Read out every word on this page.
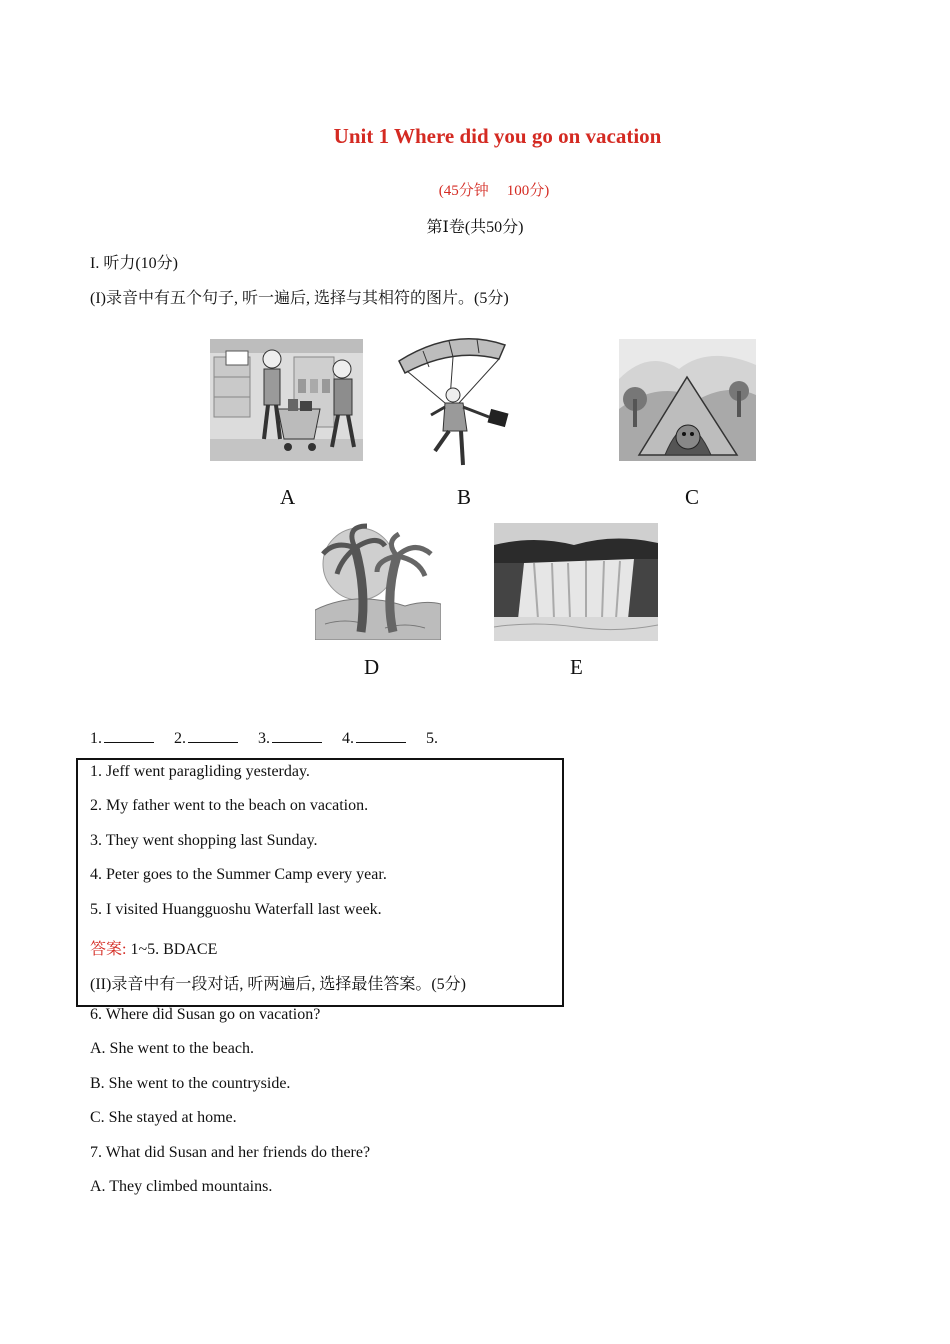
Unit 1 Where did you go on vacation
(45分钟 100分)
第Ⅰ卷(共50分)
I. 听力(10分)
(I)录音中有五个句子, 听一遍后, 选择与其相符的图片。(5分)
A	B	C
D	E
1.	2.	3.	4.	5.
1. Jeff went paragliding yesterday.
2. My father went to the beach on vacation.
3. They went shopping last Sunday.
4. Peter goes to the Summer Camp every year.
5. I visited Huangguoshu Waterfall last week.
答案: 1~5. BDACE
(II)录音中有一段对话, 听两遍后, 选择最佳答案。(5分)
6. Where did Susan go on vacation?
A. She went to the beach.
B. She went to the countryside.
C. She stayed at home.
7. What did Susan and her friends do there?
A. They climbed mountains.
